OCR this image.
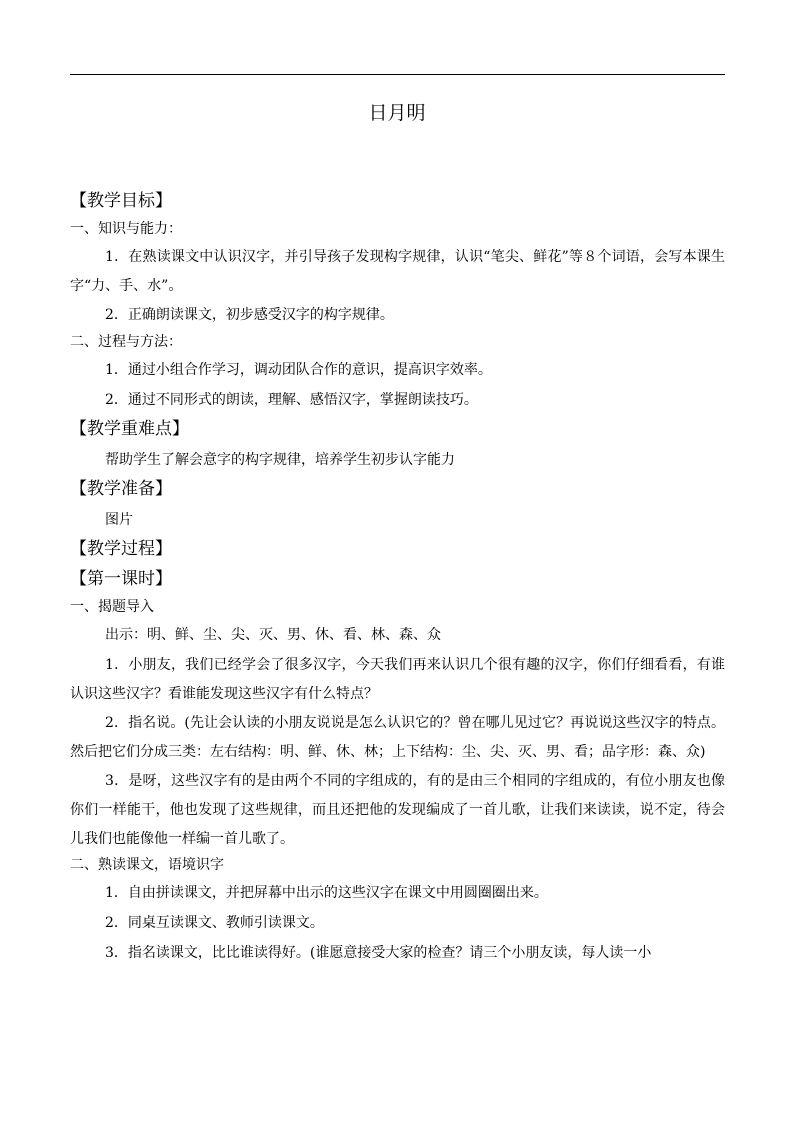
日月明
【教学目标】
一、知识与能力：
1．在熟读课文中认识汉字，并引导孩子发现构字规律，认识“笔尖、鲜花”等８个词语，会写本课生字“力、手、水”。
2．正确朗读课文，初步感受汉字的构字规律。
二、过程与方法：
1．通过小组合作学习，调动团队合作的意识，提高识字效率。
2．通过不同形式的朗读，理解、感悟汉字，掌握朗读技巧。
【教学重难点】
帮助学生了解会意字的构字规律，培养学生初步认字能力
【教学准备】
图片
【教学过程】
【第一课时】
一、揭题导入
出示：明、鲜、尘、尖、灭、男、休、看、林、森、众
1．小朋友，我们已经学会了很多汉字，今天我们再来认识几个很有趣的汉字，你们仔细看看，有谁认识这些汉字？看谁能发现这些汉字有什么特点？
2．指名说。(先让会认读的小朋友说说是怎么认识它的？曾在哪儿见过它？再说说这些汉字的特点。然后把它们分成三类：左右结构：明、鲜、休、林；上下结构：尘、尖、灭、男、看；品字形：森、众)
3．是呀，这些汉字有的是由两个不同的字组成的，有的是由三个相同的字组成的，有位小朋友也像你们一样能干，他也发现了这些规律，而且还把他的发现编成了一首儿歌，让我们来读读，说不定，待会儿我们也能像他一样编一首儿歌了。
二、熟读课文，语境识字
1．自由拼读课文，并把屏幕中出示的这些汉字在课文中用圆圈圈出来。
2．同桌互读课文、教师引读课文。
3．指名读课文，比比谁读得好。(谁愿意接受大家的检查？请三个小朋友读，每人读一小
